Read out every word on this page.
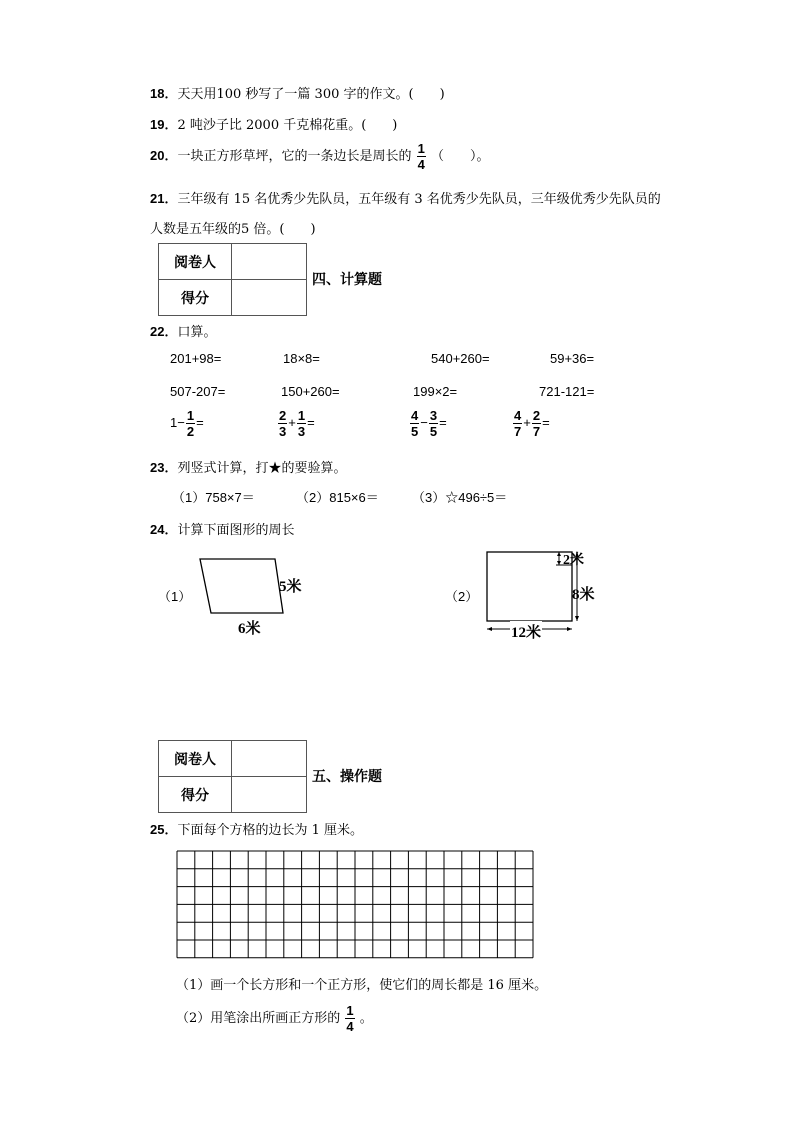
18．天天用100 秒写了一篇 300 字的作文。(　　)
19．2 吨沙子比 2000 千克棉花重。(　　)
20．一块正方形草坪，它的一条边长是周长的 $\frac{1}{4}$ （　　）。
21．三年级有 15 名优秀少先队员，五年级有 3 名优秀少先队员，三年级优秀少先队员的
人数是五年级的5 倍。(　　)
阅卷人	
得分	
四、计算题
22．口算。
201+98=	18×8=	540+260=	59+36=
507-207=	150+260=	199×2=	721-121=
$1- \frac{1}{2}$ =	$\frac{2}{3} + \frac{1}{3}$ =	$\frac{4}{5} - \frac{3}{5}$ =	$\frac{4}{7} + \frac{2}{7}$ =
23．列竖式计算，打★的要验算。
（1）758×7＝	（2）815×6＝	（3）☆496÷5＝
24．计算下面图形的周长
（1）
5米
6米
（2）
2米
8米
12米
阅卷人	
得分	
五、操作题
25．下面每个方格的边长为 1 厘米。
（1）画一个长方形和一个正方形，使它们的周长都是 16 厘米。
（2）用笔涂出所画正方形的 $\frac{1}{4}$ 。
